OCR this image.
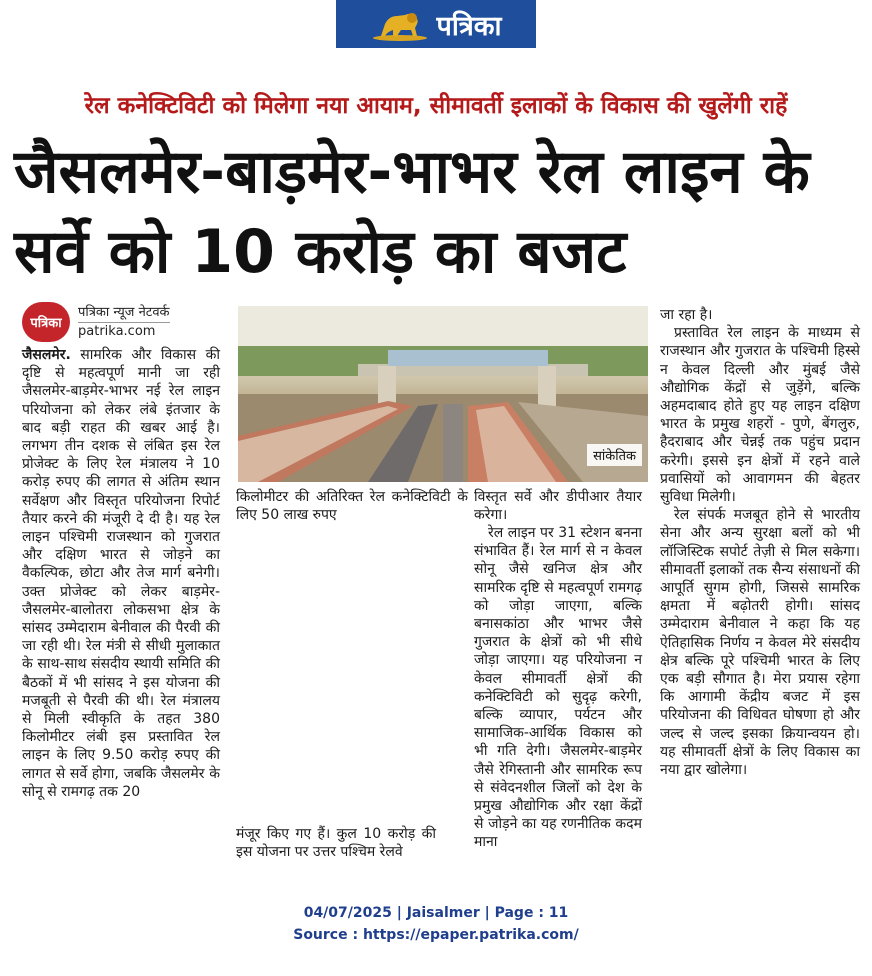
पत्रिका
रेल कनेक्टिविटी को मिलेगा नया आयाम, सीमावर्ती इलाकों के विकास की खुलेंगी राहें
जैसलमेर-बाड़मेर-भाभर रेल लाइन के सर्वे को 10 करोड़ का बजट
पत्रिका
पत्रिका न्यूज नेटवर्क
patrika.com

जैसलमेर. सामरिक और विकास की दृष्टि से महत्वपूर्ण मानी जा रही जैसलमेर-बाड़मेर-भाभर नई रेल लाइन परियोजना को लेकर लंबे इंतजार के बाद बड़ी राहत की खबर आई है। लगभग तीन दशक से लंबित इस रेल प्रोजेक्ट के लिए रेल मंत्रालय ने 10 करोड़ रुपए की लागत से अंतिम स्थान सर्वेक्षण और विस्तृत परियोजना रिपोर्ट तैयार करने की मंजूरी दे दी है। यह रेल लाइन पश्चिमी राजस्थान को गुजरात और दक्षिण भारत से जोड़ने का वैकल्पिक, छोटा और तेज मार्ग बनेगी। उक्त प्रोजेक्ट को लेकर बाड़मेर-जैसलमेर-बालोतरा लोकसभा क्षेत्र के सांसद उम्मेदाराम बेनीवाल की पैरवी की जा रही थी। रेल मंत्री से सीधी मुलाकात के साथ-साथ संसदीय स्थायी समिति की बैठकों में भी सांसद ने इस योजना की मजबूती से पैरवी की थी। रेल मंत्रालय से मिली स्वीकृति के तहत 380 किलोमीटर लंबी इस प्रस्तावित रेल लाइन के लिए 9.50 करोड़ रुपए की लागत से सर्वे होगा, जबकि जैसलमेर के सोनू से रामगढ़ तक 20

सांकेतिक

किलोमीटर की अतिरिक्त रेल कनेक्टिविटी के लिए 50 लाख रुपए

मंजूर किए गए हैं। कुल 10 करोड़ की इस योजना पर उत्तर पश्चिम रेलवे

विस्तृत सर्वे और डीपीआर तैयार करेगा।

रेल लाइन पर 31 स्टेशन बनना संभावित हैं। रेल मार्ग से न केवल सोनू जैसे खनिज क्षेत्र और सामरिक दृष्टि से महत्वपूर्ण रामगढ़ को जोड़ा जाएगा, बल्कि बनासकांठा और भाभर जैसे गुजरात के क्षेत्रों को भी सीधे जोड़ा जाएगा। यह परियोजना न केवल सीमावर्ती क्षेत्रों की कनेक्टिविटी को सुदृढ़ करेगी, बल्कि व्यापार, पर्यटन और सामाजिक-आर्थिक विकास को भी गति देगी। जैसलमेर-बाड़मेर जैसे रेगिस्तानी और सामरिक रूप से संवेदनशील जिलों को देश के प्रमुख औद्योगिक और रक्षा केंद्रों से जोड़ने का यह रणनीतिक कदम माना

जा रहा है।

प्रस्तावित रेल लाइन के माध्यम से राजस्थान और गुजरात के पश्चिमी हिस्से न केवल दिल्ली और मुंबई जैसे औद्योगिक केंद्रों से जुड़ेंगे, बल्कि अहमदाबाद होते हुए यह लाइन दक्षिण भारत के प्रमुख शहरों - पुणे, बेंगलुरु, हैदराबाद और चेन्नई तक पहुंच प्रदान करेगी। इससे इन क्षेत्रों में रहने वाले प्रवासियों को आवागमन की बेहतर सुविधा मिलेगी।

रेल संपर्क मजबूत होने से भारतीय सेना और अन्य सुरक्षा बलों को भी लॉजिस्टिक सपोर्ट तेज़ी से मिल सकेगा। सीमावर्ती इलाकों तक सैन्य संसाधनों की आपूर्ति सुगम होगी, जिससे सामरिक क्षमता में बढ़ोतरी होगी। सांसद उम्मेदाराम बेनीवाल ने कहा कि यह ऐतिहासिक निर्णय न केवल मेरे संसदीय क्षेत्र बल्कि पूरे पश्चिमी भारत के लिए एक बड़ी सौगात है। मेरा प्रयास रहेगा कि आगामी केंद्रीय बजट में इस परियोजना की विधिवत घोषणा हो और जल्द से जल्द इसका क्रियान्वयन हो। यह सीमावर्ती क्षेत्रों के लिए विकास का नया द्वार खोलेगा।

04/07/2025 | Jaisalmer | Page : 11
Source : https://epaper.patrika.com/
